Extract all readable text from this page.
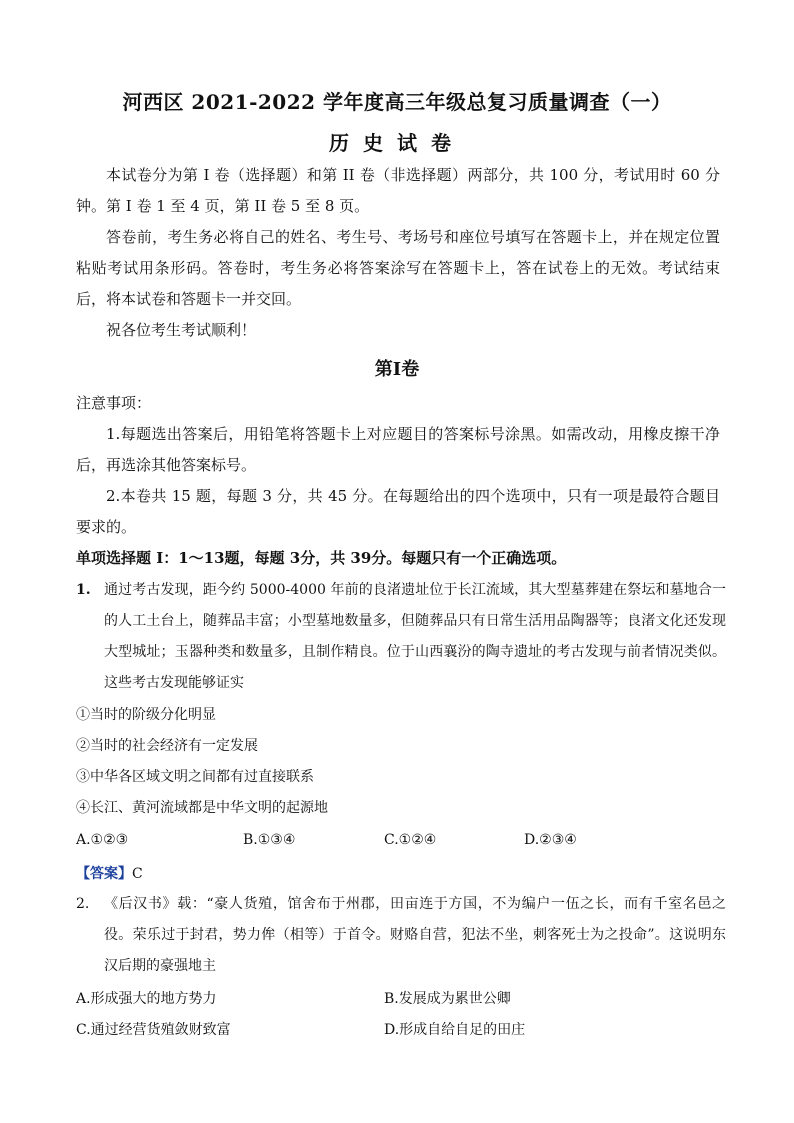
河西区 2021-2022 学年度高三年级总复习质量调查（一）
历史试卷
本试卷分为第 I 卷（选择题）和第 II 卷（非选择题）两部分，共 100 分，考试用时 60 分钟。第 I 卷 1 至 4 页，第 II 卷 5 至 8 页。
答卷前，考生务必将自己的姓名、考生号、考场号和座位号填写在答题卡上，并在规定位置粘贴考试用条形码。答卷时，考生务必将答案涂写在答题卡上，答在试卷上的无效。考试结束后，将本试卷和答题卡一并交回。
祝各位考生考试顺利！
第Ⅰ卷
注意事项：
1.每题选出答案后，用铅笔将答题卡上对应题目的答案标号涂黑。如需改动，用橡皮擦干净后，再选涂其他答案标号。
2.本卷共 15 题，每题 3 分，共 45 分。在每题给出的四个选项中，只有一项是最符合题目要求的。
单项选择题 I：1～13题，每题 3分，共 39分。每题只有一个正确选项。
1. 通过考古发现，距今约 5000-4000 年前的良渚遗址位于长江流域，其大型墓葬建在祭坛和墓地合一的人工土台上，随葬品丰富；小型墓地数量多，但随葬品只有日常生活用品陶器等；良渚文化还发现大型城址；玉器种类和数量多，且制作精良。位于山西襄汾的陶寺遗址的考古发现与前者情况类似。这些考古发现能够证实
①当时的阶级分化明显
②当时的社会经济有一定发展
③中华各区域文明之间都有过直接联系
④长江、黄河流域都是中华文明的起源地
A.①②③	B.①③④	C.①②④	D.②③④
【答案】C
2. 《后汉书》载：“豪人货殖，馆舍布于州郡，田亩连于方国，不为编户一伍之长，而有千室名邑之役。荣乐过于封君，势力侔（相等）于首令。财赂自营，犯法不坐，刺客死士为之投命”。这说明东汉后期的豪强地主
A.形成强大的地方势力	B.发展成为累世公卿
C.通过经营货殖敛财致富	D.形成自给自足的田庄
